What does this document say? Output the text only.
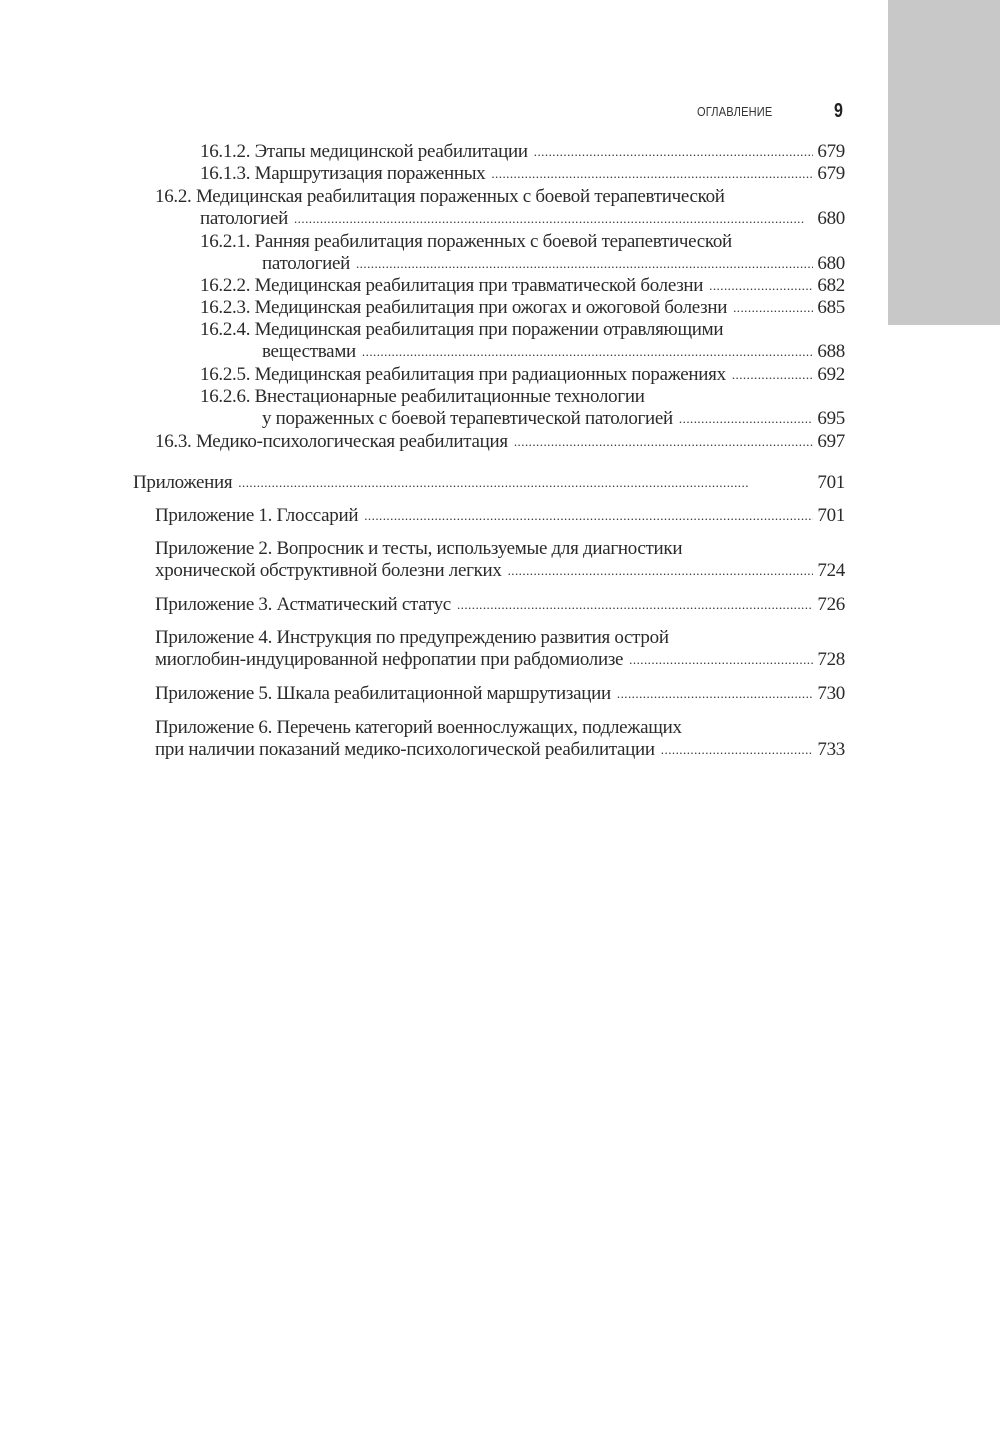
ОГЛАВЛЕНИЕ	9
16.1.2. Этапы медицинской реабилитации . . .	679
16.1.3. Маршрутизация пораженных . . .	679
16.2. Медицинская реабилитация пораженных с боевой терапевтической
патологией . . .	680
16.2.1. Ранняя реабилитация пораженных с боевой терапевтической
патологией . . .	680
16.2.2. Медицинская реабилитация при травматической болезни . . .	682
16.2.3. Медицинская реабилитация при ожогах и ожоговой болезни . . .	685
16.2.4. Медицинская реабилитация при поражении отравляющими
веществами . . .	688
16.2.5. Медицинская реабилитация при радиационных поражениях . . .	692
16.2.6. Внестационарные реабилитационные технологии
у пораженных с боевой терапевтической патологией . . .	695
16.3. Медико-психологическая реабилитация . . .	697
Приложения . . .	701
Приложение 1. Глоссарий . . .	701
Приложение 2. Вопросник и тесты, используемые для диагностики
хронической обструктивной болезни легких . . .	724
Приложение 3. Астматический статус . . .	726
Приложение 4. Инструкция по предупреждению развития острой
миоглобин-индуцированной нефропатии при рабдомиолизе . . .	728
Приложение 5. Шкала реабилитационной маршрутизации . . .	730
Приложение 6. Перечень категорий военнослужащих, подлежащих
при наличии показаний медико-психологической реабилитации . . .	733
